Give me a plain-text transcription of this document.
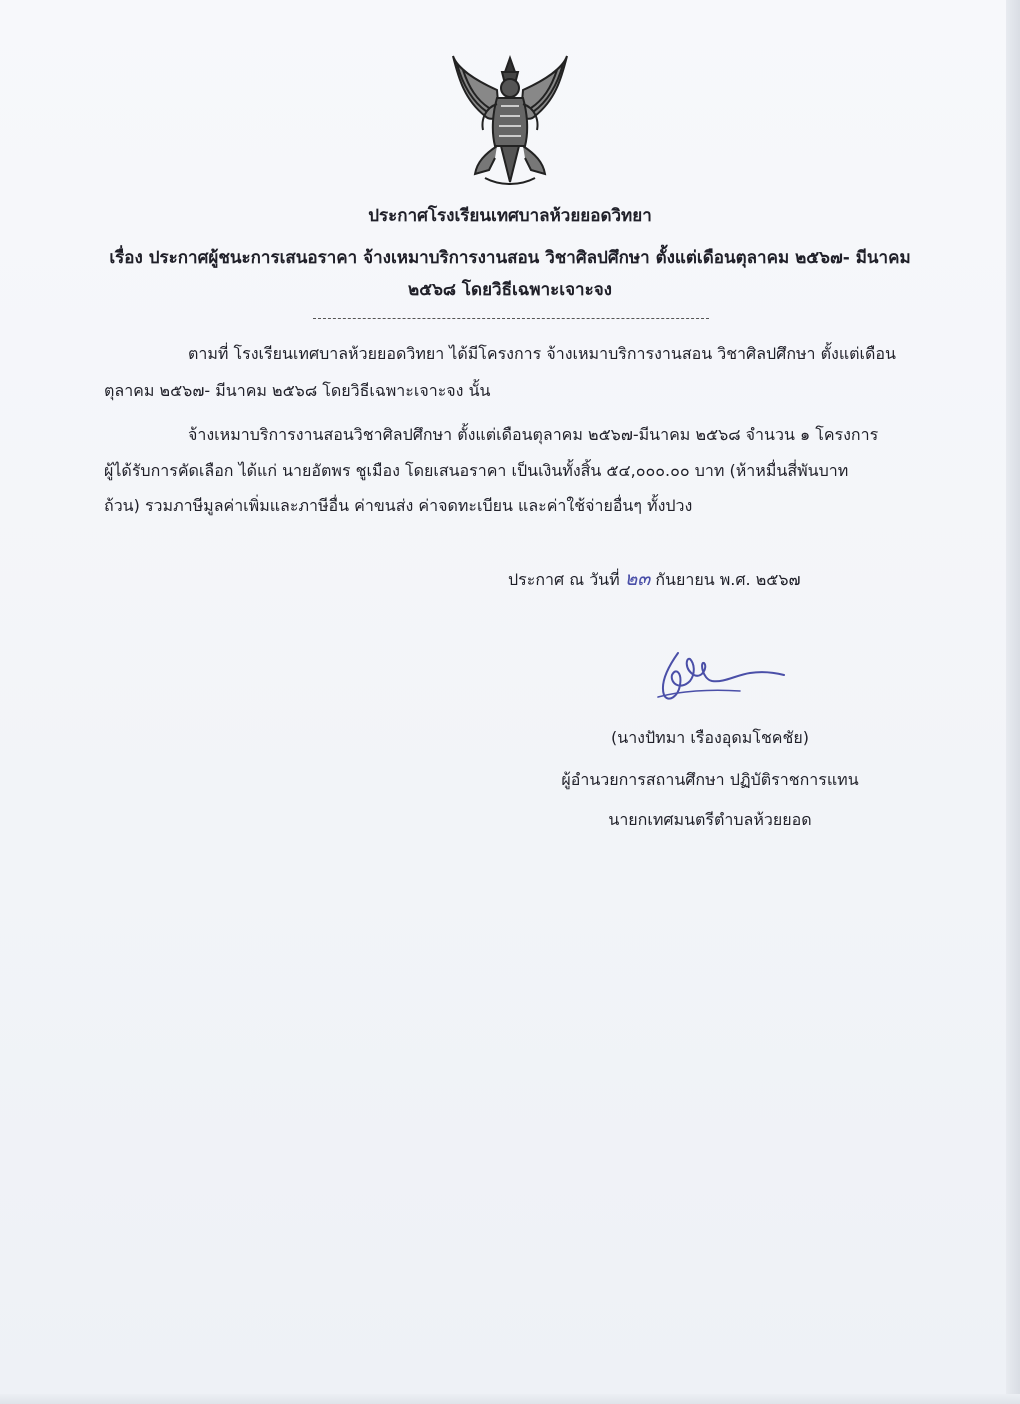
ประกาศโรงเรียนเทศบาลห้วยยอดวิทยา
เรื่อง ประกาศผู้ชนะการเสนอราคา จ้างเหมาบริการงานสอน วิชาศิลปศึกษา ตั้งแต่เดือนตุลาคม ๒๕๖๗- มีนาคม
๒๕๖๘ โดยวิธีเฉพาะเจาะจง
ตามที่ โรงเรียนเทศบาลห้วยยอดวิทยา ได้มีโครงการ จ้างเหมาบริการงานสอน วิชาศิลปศึกษา ตั้งแต่เดือน
ตุลาคม ๒๕๖๗- มีนาคม ๒๕๖๘ โดยวิธีเฉพาะเจาะจง นั้น
จ้างเหมาบริการงานสอนวิชาศิลปศึกษา ตั้งแต่เดือนตุลาคม ๒๕๖๗-มีนาคม ๒๕๖๘ จำนวน ๑ โครงการ
ผู้ได้รับการคัดเลือก ได้แก่ นายอัตพร ชูเมือง โดยเสนอราคา เป็นเงินทั้งสิ้น ๕๔,๐๐๐.๐๐ บาท (ห้าหมื่นสี่พันบาท
ถ้วน) รวมภาษีมูลค่าเพิ่มและภาษีอื่น ค่าขนส่ง ค่าจดทะเบียน และค่าใช้จ่ายอื่นๆ ทั้งปวง
ประกาศ ณ วันที่ ๒๓ กันยายน พ.ศ. ๒๕๖๗
(นางปัทมา เรืองอุดมโชคชัย)
ผู้อำนวยการสถานศึกษา ปฏิบัติราชการแทน
นายกเทศมนตรีตำบลห้วยยอด
